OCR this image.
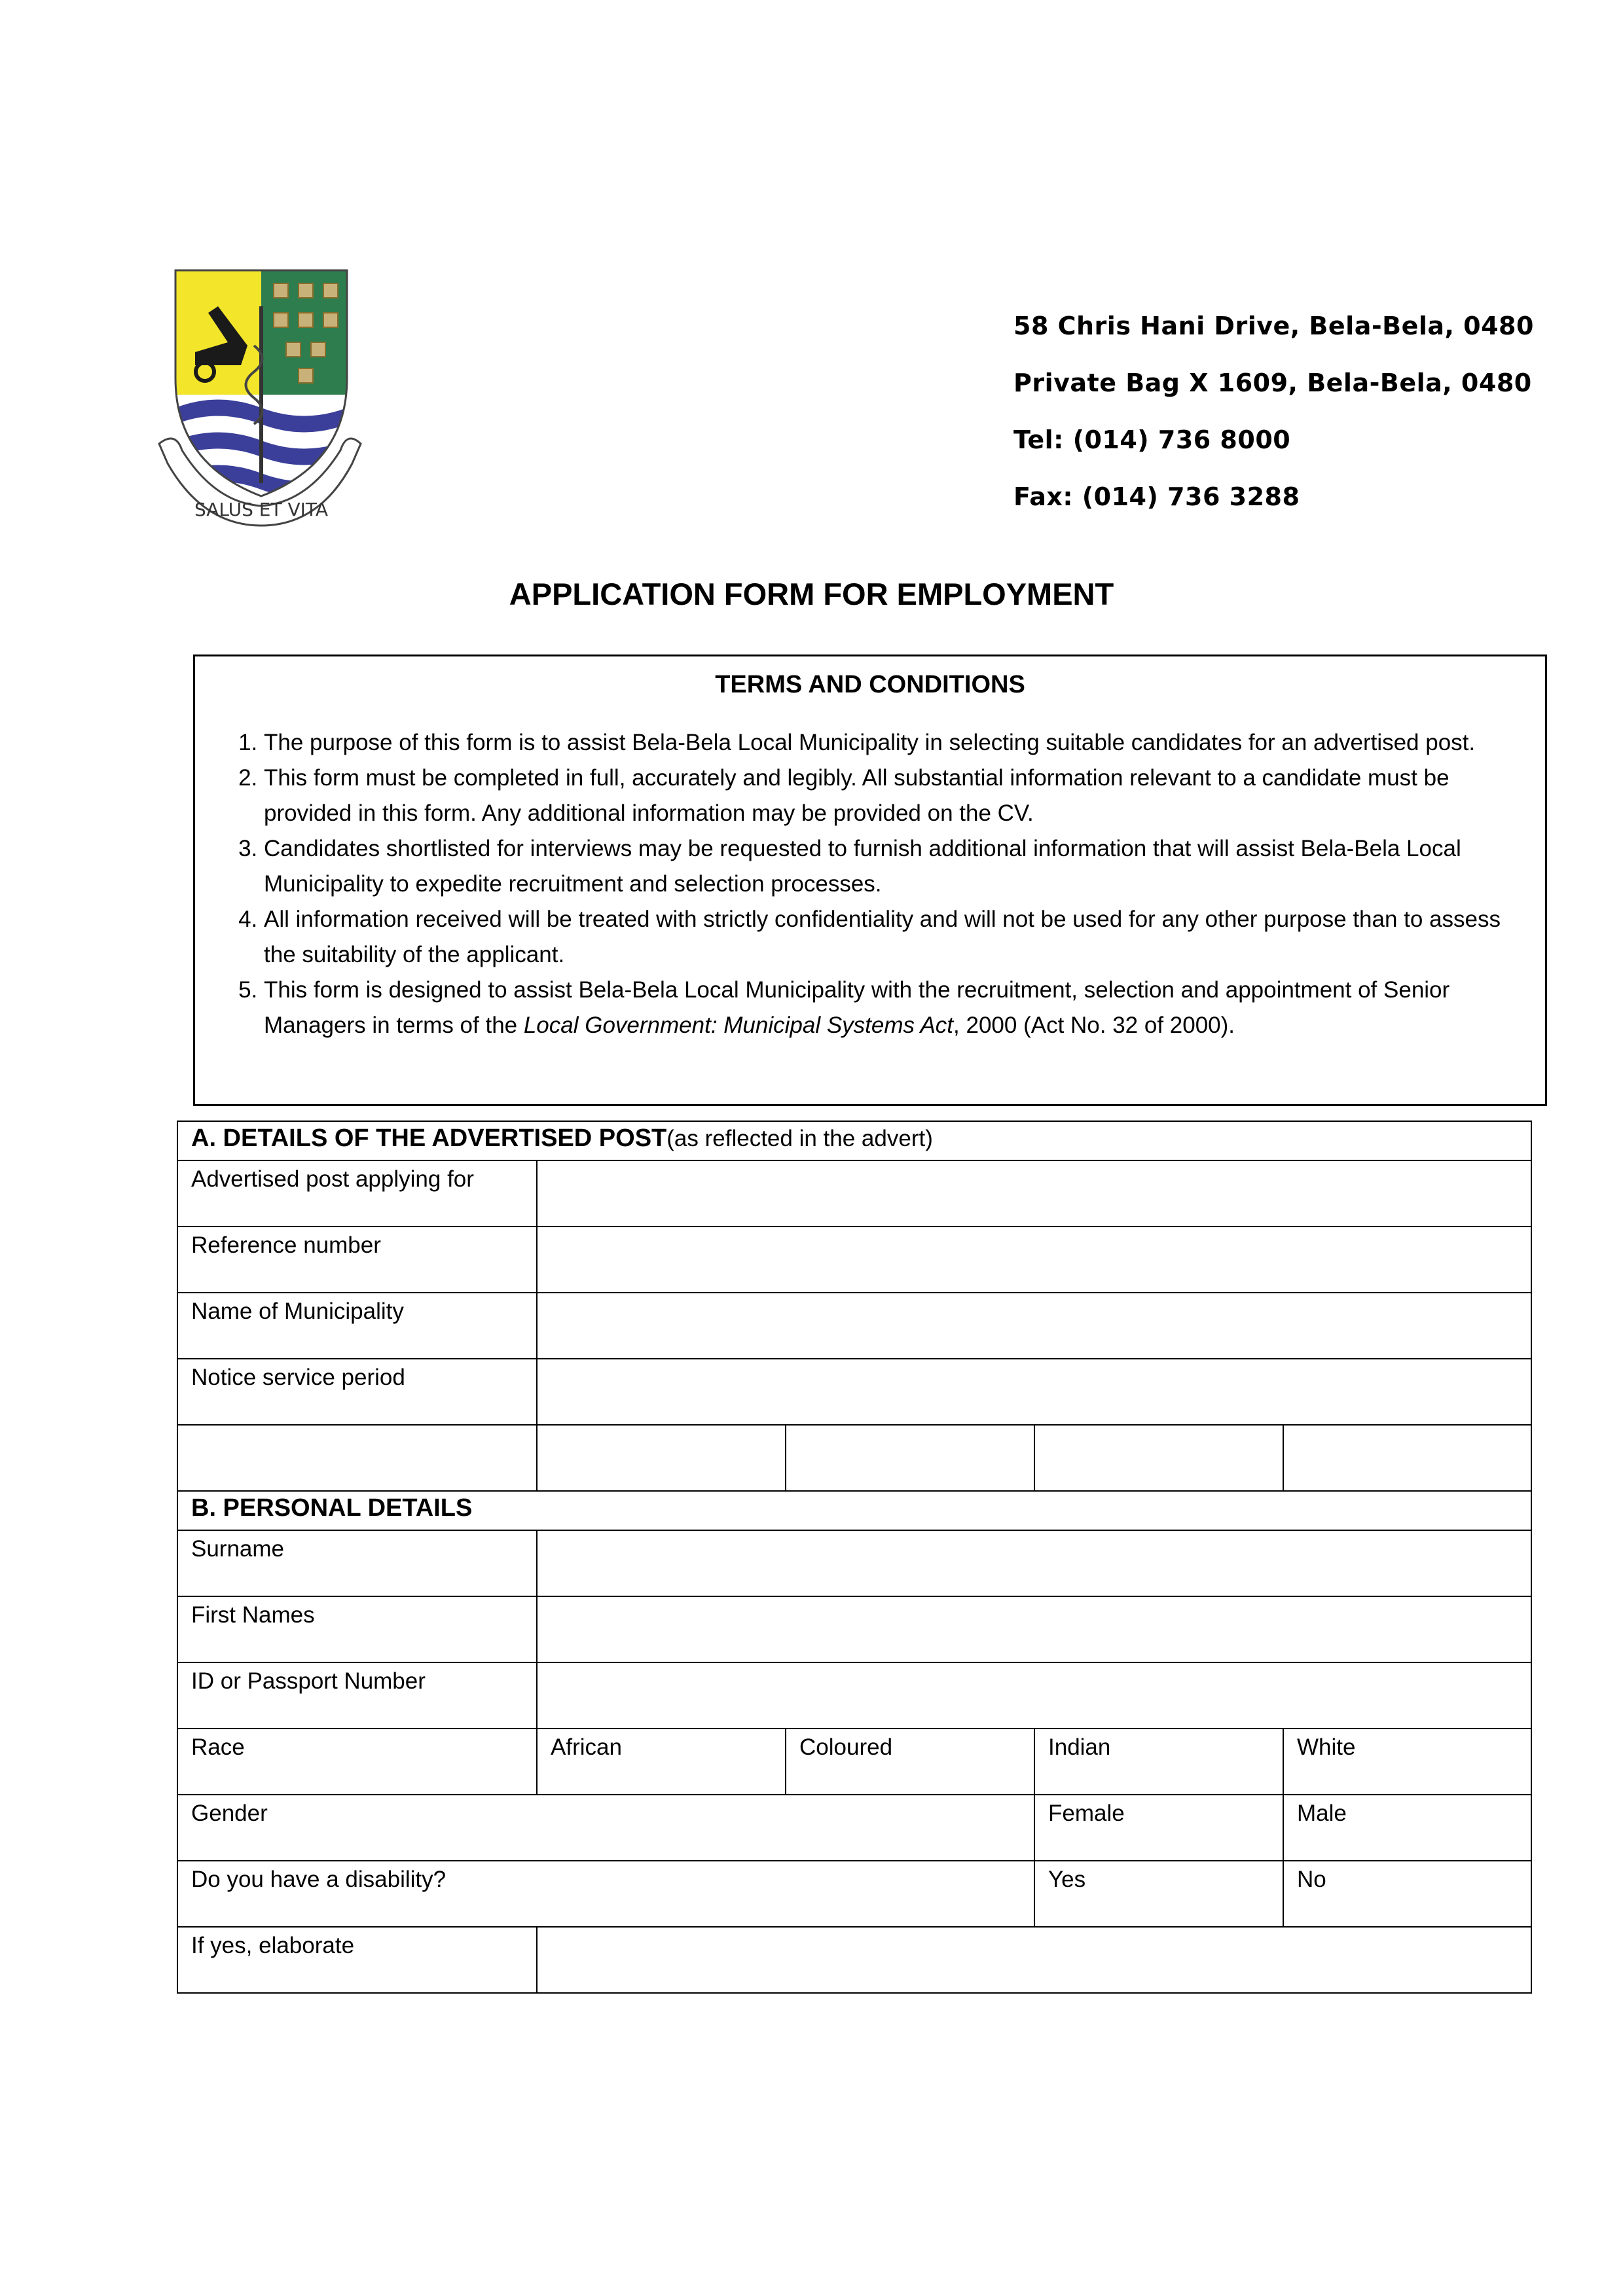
SALUS ET VITA
58 Chris Hani Drive, Bela-Bela, 0480
Private Bag X 1609, Bela-Bela, 0480
Tel: (014) 736 8000
Fax: (014) 736 3288
APPLICATION FORM FOR EMPLOYMENT
TERMS AND CONDITIONS
1. The purpose of this form is to assist Bela-Bela Local Municipality in selecting suitable candidates for an advertised post.
2. This form must be completed in full, accurately and legibly. All substantial information relevant to a candidate must be provided in this form. Any additional information may be provided on the CV.
3. Candidates shortlisted for interviews may be requested to furnish additional information that will assist Bela-Bela Local Municipality to expedite recruitment and selection processes.
4. All information received will be treated with strictly confidentiality and will not be used for any other purpose than to assess the suitability of the applicant.
5. This form is designed to assist Bela-Bela Local Municipality with the recruitment, selection and appointment of Senior Managers in terms of the Local Government: Municipal Systems Act, 2000 (Act No. 32 of 2000).
A. DETAILS OF THE ADVERTISED POST(as reflected in the advert)				
Advertised post applying for				
Reference number				
Name of Municipality				
Notice service period				

B. PERSONAL DETAILS				
Surname				
First Names				
ID or Passport Number				
Race	African	Coloured	Indian	White
Gender			Female	Male
Do you have a disability?			Yes	No
If yes, elaborate				
